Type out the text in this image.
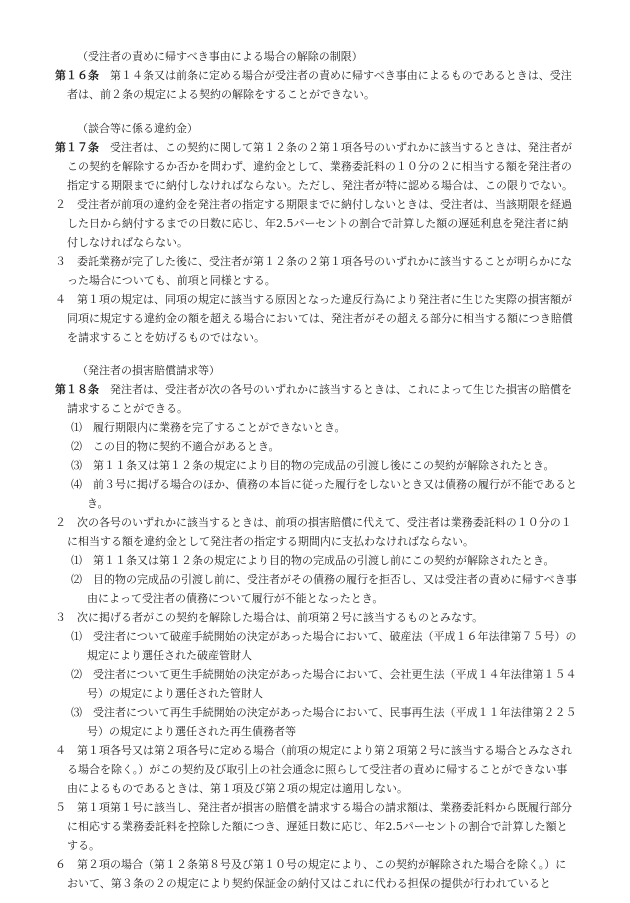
（受注者の責めに帰すべき事由による場合の解除の制限）

第１６条　第１４条又は前条に定める場合が受注者の責めに帰すべき事由によるものであるときは、受注者は、前２条の規定による契約の解除をすることができない。

（談合等に係る違約金）

第１７条　受注者は、この契約に関して第１２条の２第１項各号のいずれかに該当するときは、発注者がこの契約を解除するか否かを問わず、違約金として、業務委託料の１０分の２に相当する額を発注者の指定する期限までに納付しなければならない。ただし、発注者が特に認める場合は、この限りでない。

２　受注者が前項の違約金を発注者の指定する期限までに納付しないときは、受注者は、当該期限を経過した日から納付するまでの日数に応じ、年2.5パーセントの割合で計算した額の遅延利息を発注者に納付しなければならない。

３　委託業務が完了した後に、受注者が第１２条の２第１項各号のいずれかに該当することが明らかになった場合についても、前項と同様とする。

４　第１項の規定は、同項の規定に該当する原因となった違反行為により発注者に生じた実際の損害額が同項に規定する違約金の額を超える場合においては、発注者がその超える部分に相当する額につき賠償を請求することを妨げるものではない。

（発注者の損害賠償請求等）

第１８条　発注者は、受注者が次の各号のいずれかに該当するときは、これによって生じた損害の賠償を請求することができる。

⑴　履行期限内に業務を完了することができないとき。

⑵　この目的物に契約不適合があるとき。

⑶　第１１条又は第１２条の規定により目的物の完成品の引渡し後にこの契約が解除されたとき。

⑷　前３号に掲げる場合のほか、債務の本旨に従った履行をしないとき又は債務の履行が不能であるとき。

２　次の各号のいずれかに該当するときは、前項の損害賠償に代えて、受注者は業務委託料の１０分の１に相当する額を違約金として発注者の指定する期間内に支払わなければならない。

⑴　第１１条又は第１２条の規定により目的物の完成品の引渡し前にこの契約が解除されたとき。

⑵　目的物の完成品の引渡し前に、受注者がその債務の履行を拒否し、又は受注者の責めに帰すべき事由によって受注者の債務について履行が不能となったとき。

３　次に掲げる者がこの契約を解除した場合は、前項第２号に該当するものとみなす。

⑴　受注者について破産手続開始の決定があった場合において、破産法（平成１６年法律第７５号）の規定により選任された破産管財人

⑵　受注者について更生手続開始の決定があった場合において、会社更生法（平成１４年法律第１５４号）の規定により選任された管財人

⑶　受注者について再生手続開始の決定があった場合において、民事再生法（平成１１年法律第２２５号）の規定により選任された再生債務者等

４　第１項各号又は第２項各号に定める場合（前項の規定により第２項第２号に該当する場合とみなされる場合を除く。）がこの契約及び取引上の社会通念に照らして受注者の責めに帰することができない事由によるものであるときは、第１項及び第２項の規定は適用しない。

５　第１項第１号に該当し、発注者が損害の賠償を請求する場合の請求額は、業務委託料から既履行部分に相応する業務委託料を控除した額につき、遅延日数に応じ、年2.5パーセントの割合で計算した額とする。

６　第２項の場合（第１２条第８号及び第１０号の規定により、この契約が解除された場合を除く。）において、第３条の２の規定により契約保証金の納付又はこれに代わる担保の提供が行われていると
